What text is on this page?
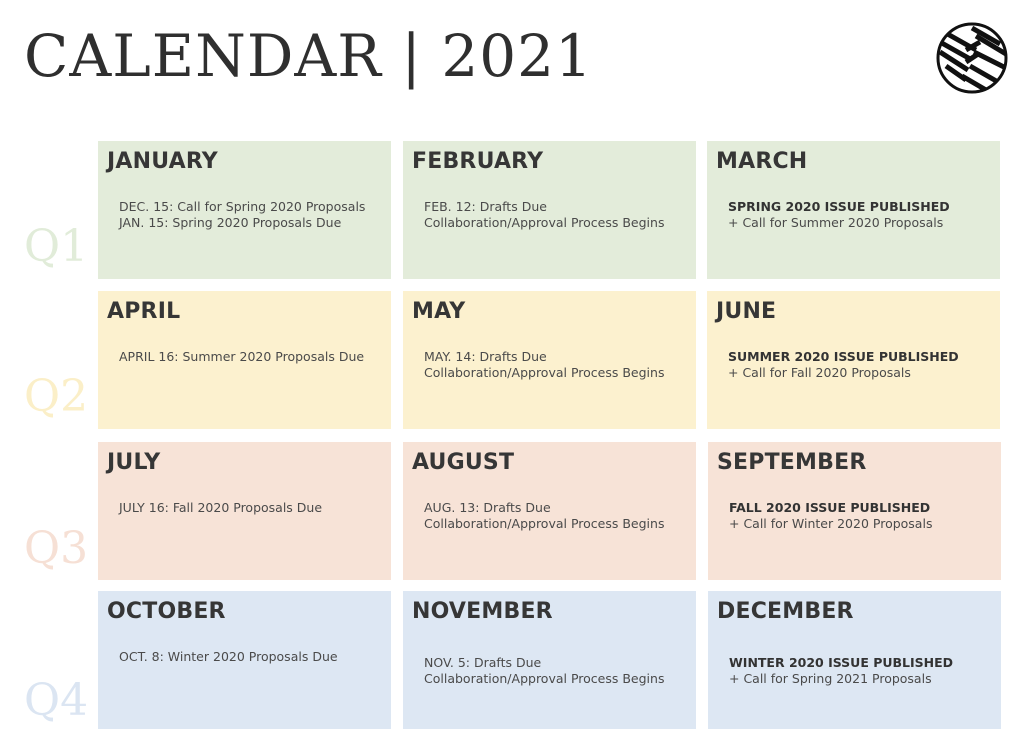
CALENDAR | 2021
Q1
Q2
Q3
Q4
JANUARY
DEC. 15: Call for Spring 2020 Proposals
JAN. 15: Spring 2020 Proposals Due
FEBRUARY
FEB. 12: Drafts Due
Collaboration/Approval Process Begins
MARCH
SPRING 2020 ISSUE PUBLISHED
+ Call for Summer 2020 Proposals
APRIL
APRIL 16: Summer 2020 Proposals Due
MAY
MAY. 14: Drafts Due
Collaboration/Approval Process Begins
JUNE
SUMMER 2020 ISSUE PUBLISHED
+ Call for Fall 2020 Proposals
JULY
JULY 16: Fall 2020 Proposals Due
AUGUST
AUG. 13: Drafts Due
Collaboration/Approval Process Begins
SEPTEMBER
FALL 2020 ISSUE PUBLISHED
+ Call for Winter 2020 Proposals
OCTOBER
OCT. 8: Winter 2020 Proposals Due
NOVEMBER
NOV. 5: Drafts Due
Collaboration/Approval Process Begins
DECEMBER
WINTER 2020 ISSUE PUBLISHED
+ Call for Spring 2021 Proposals
